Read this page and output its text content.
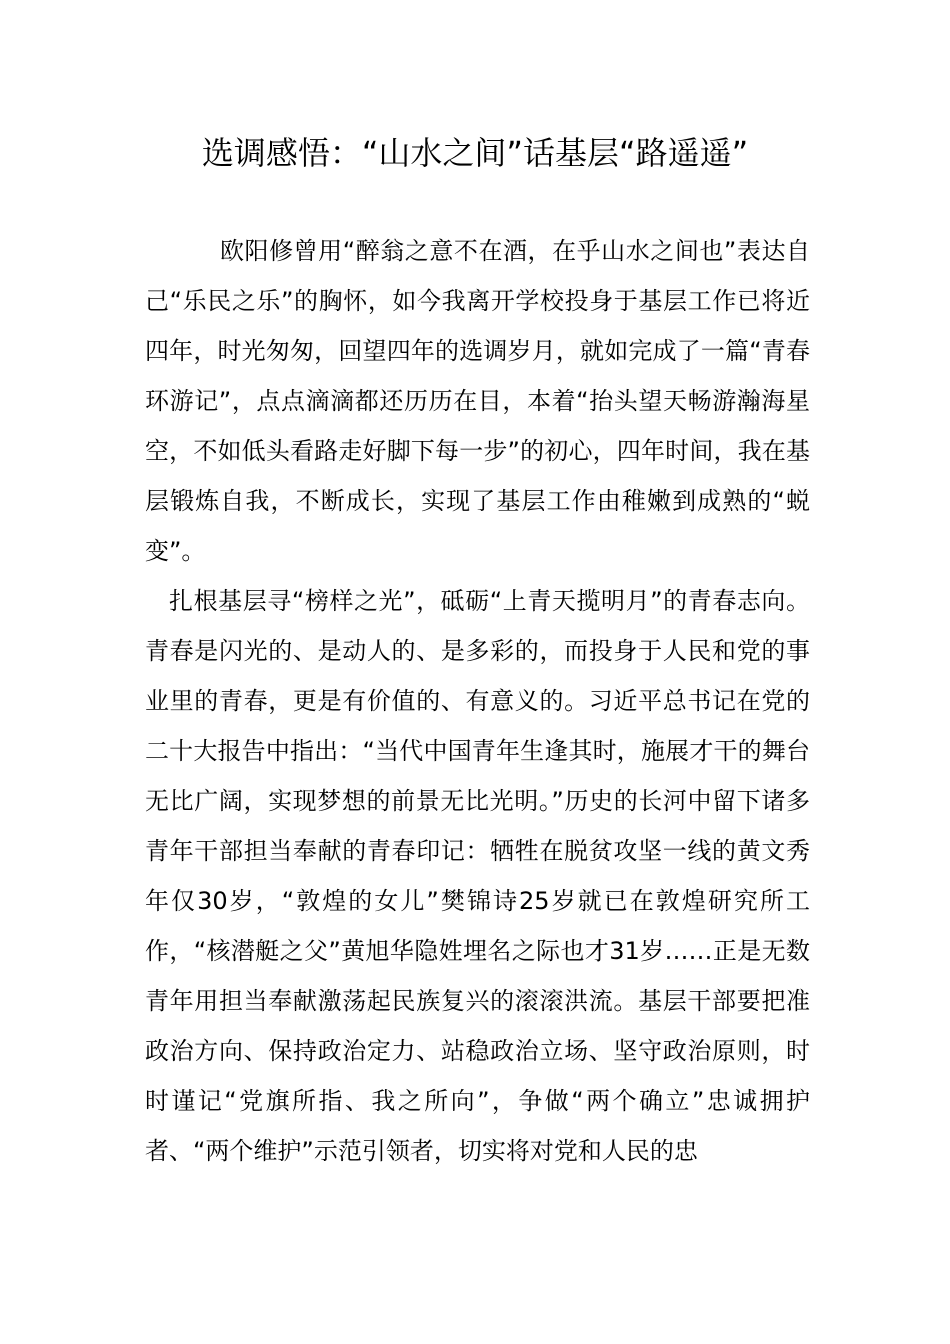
选调感悟：“山水之间”话基层“路遥遥”

欧阳修曾用“醉翁之意不在酒，在乎山水之间也”表达自己“乐民之乐”的胸怀，如今我离开学校投身于基层工作已将近四年，时光匆匆，回望四年的选调岁月，就如完成了一篇“青春环游记”，点点滴滴都还历历在目，本着“抬头望天畅游瀚海星空，不如低头看路走好脚下每一步”的初心，四年时间，我在基层锻炼自我，不断成长，实现了基层工作由稚嫩到成熟的“蜕变”。

扎根基层寻“榜样之光”，砥砺“上青天揽明月”的青春志向。青春是闪光的、是动人的、是多彩的，而投身于人民和党的事业里的青春，更是有价值的、有意义的。习近平总书记在党的二十大报告中指出：“当代中国青年生逢其时，施展才干的舞台无比广阔，实现梦想的前景无比光明。”历史的长河中留下诸多青年干部担当奉献的青春印记：牺牲在脱贫攻坚一线的黄文秀年仅30岁，“敦煌的女儿”樊锦诗25岁就已在敦煌研究所工作，“核潜艇之父”黄旭华隐姓埋名之际也才31岁……正是无数青年用担当奉献激荡起民族复兴的滚滚洪流。基层干部要把准政治方向、保持政治定力、站稳政治立场、坚守政治原则，时时谨记“党旗所指、我之所向”，争做“两个确立”忠诚拥护者、“两个维护”示范引领者，切实将对党和人民的忠
